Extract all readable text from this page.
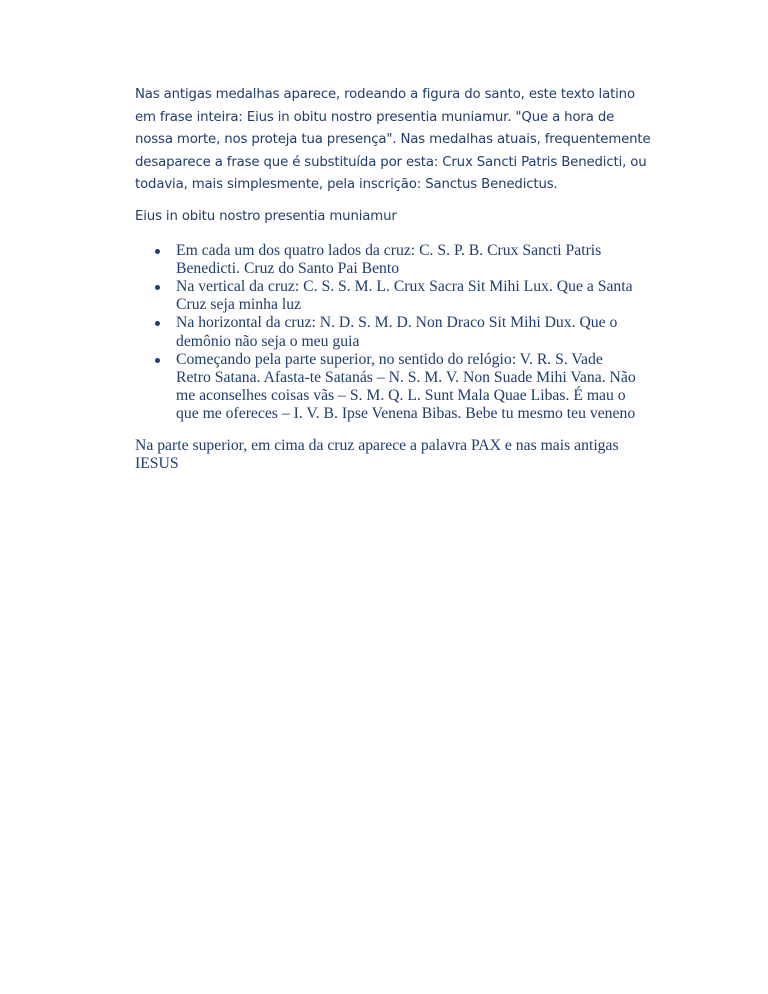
Nas antigas medalhas aparece, rodeando a figura do santo, este texto latino em frase inteira: Eius in obitu nostro presentia muniamur. "Que a hora de nossa morte, nos proteja tua presença". Nas medalhas atuais, frequentemente desaparece a frase que é substituída por esta: Crux Sancti Patris Benedicti, ou todavia, mais simplesmente, pela inscrição: Sanctus Benedictus.

Eius in obitu nostro presentia muniamur

Em cada um dos quatro lados da cruz: C. S. P. B. Crux Sancti Patris Benedicti. Cruz do Santo Pai Bento
Na vertical da cruz: C. S. S. M. L. Crux Sacra Sit Mihi Lux. Que a Santa Cruz seja minha luz
Na horizontal da cruz: N. D. S. M. D. Non Draco Sit Mihi Dux. Que o demônio não seja o meu guia
Começando pela parte superior, no sentido do relógio: V. R. S. Vade Retro Satana. Afasta-te Satanás – N. S. M. V. Non Suade Mihi Vana. Não me aconselhes coisas vãs – S. M. Q. L. Sunt Mala Quae Libas. É mau o que me ofereces – I. V. B. Ipse Venena Bibas. Bebe tu mesmo teu veneno

Na parte superior, em cima da cruz aparece a palavra PAX e nas mais antigas IESUS
